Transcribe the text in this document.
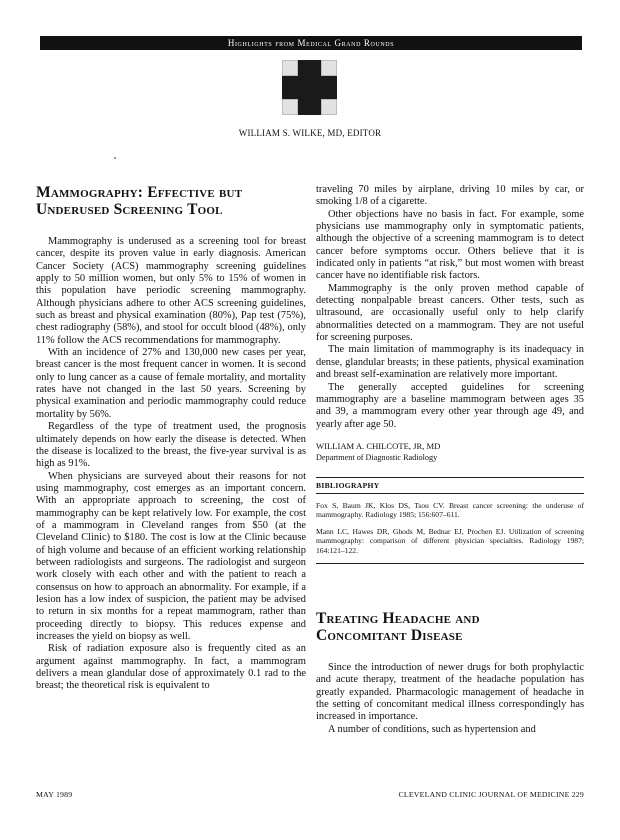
Highlights from Medical Grand Rounds
WILLIAM S. WILKE, MD, EDITOR
Mammography: Effective but
Underused Screening Tool

Mammography is underused as a screening tool for breast cancer, despite its proven value in early diagnosis. American Cancer Society (ACS) mammography screening guidelines apply to 50 million women, but only 5% to 15% of women in this population have periodic screening mammography. Although physicians adhere to other ACS screening guidelines, such as breast and physical examination (80%), Pap test (75%), chest radiography (58%), and stool for occult blood (48%), only 11% follow the ACS recommendations for mammography.

With an incidence of 27% and 130,000 new cases per year, breast cancer is the most frequent cancer in women. It is second only to lung cancer as a cause of female mortality, and mortality rates have not changed in the last 50 years. Screening by physical examination and periodic mammography could reduce mortality by 56%.

Regardless of the type of treatment used, the prognosis ultimately depends on how early the disease is detected. When the disease is localized to the breast, the five-year survival is as high as 91%.

When physicians are surveyed about their reasons for not using mammography, cost emerges as an important concern. With an appropriate approach to screening, the cost of mammography can be kept relatively low. For example, the cost of a mammogram in Cleveland ranges from $50 (at the Cleveland Clinic) to $180. The cost is low at the Clinic because of high volume and because of an efficient working relationship between radiologists and surgeons. The radiologist and surgeon work closely with each other and with the patient to reach a consensus on how to approach an abnormality. For example, if a lesion has a low index of suspicion, the patient may be advised to return in six months for a repeat mammogram, rather than proceeding directly to biopsy. This reduces expense and increases the yield on biopsy as well.

Risk of radiation exposure also is frequently cited as an argument against mammography. In fact, a mammogram delivers a mean glandular dose of approximately 0.1 rad to the breast; the theoretical risk is equivalent to

traveling 70 miles by airplane, driving 10 miles by car, or smoking 1/8 of a cigarette.

Other objections have no basis in fact. For example, some physicians use mammography only in symptomatic patients, although the objective of a screening mammogram is to detect cancer before symptoms occur. Others believe that it is indicated only in patients “at risk,” but most women with breast cancer have no identifiable risk factors.

Mammography is the only proven method capable of detecting nonpalpable breast cancers. Other tests, such as ultrasound, are occasionally useful only to help clarify abnormalities detected on a mammogram. They are not useful for screening purposes.

The main limitation of mammography is its inadequacy in dense, glandular breasts; in these patients, physical examination and breast self-examination are relatively more important.

The generally accepted guidelines for screening mammography are a baseline mammogram between ages 35 and 39, a mammogram every other year through age 49, and yearly after age 50.

WILLIAM A. CHILCOTE, JR, MD
Department of Diagnostic Radiology
BIBLIOGRAPHY

Fox S, Baum JK, Klos DS, Tsou CV. Breast cancer screening: the underuse of mammography. Radiology 1985; 156:607–611.

Mann LC, Hawes DR, Ghods M, Bednar EJ, Prochen EJ. Utilization of screening mammography: comparison of different physician specialties. Radiology 1987; 164:121–122.

Treating Headache and
Concomitant Disease

Since the introduction of newer drugs for both prophylactic and acute therapy, treatment of the headache population has greatly expanded. Pharmacologic management of headache in the setting of concomitant medical illness correspondingly has increased in importance.

A number of conditions, such as hypertension and

MAY 1989	CLEVELAND CLINIC JOURNAL OF MEDICINE 229
